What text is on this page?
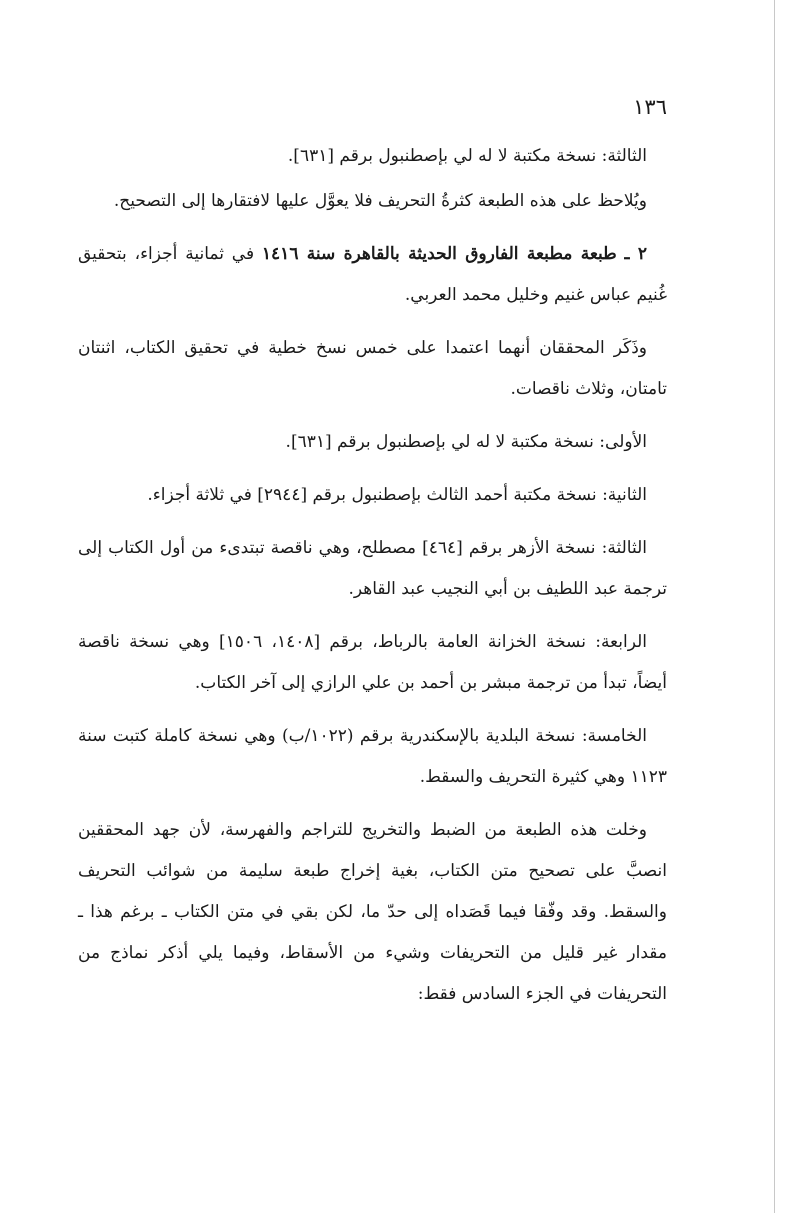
١٣٦

الثالثة: نسخة مكتبة لا له لي بإصطنبول برقم [٦٣١].

ويُلاحظ على هذه الطبعة كثرةُ التحريف فلا يعوَّل عليها لافتقارها إلى التصحيح.

٢ ـ طبعة مطبعة الفاروق الحديثة بالقاهرة سنة ١٤١٦ في ثمانية أجزاء، بتحقيق غُنيم عباس غنيم وخليل محمد العربي.

وذَكَر المحققان أنهما اعتمدا على خمس نسخ خطية في تحقيق الكتاب، اثنتان تامتان، وثلاث ناقصات.

الأولى: نسخة مكتبة لا له لي بإصطنبول برقم [٦٣١].

الثانية: نسخة مكتبة أحمد الثالث بإصطنبول برقم [٢٩٤٤] في ثلاثة أجزاء.

الثالثة: نسخة الأزهر برقم [٤٦٤] مصطلح، وهي ناقصة تبتدىء من أول الكتاب إلى ترجمة عبد اللطيف بن أبي النجيب عبد القاهر.

الرابعة: نسخة الخزانة العامة بالرباط، برقم [١٤٠٨، ١٥٠٦] وهي نسخة ناقصة أيضاً، تبدأ من ترجمة مبشر بن أحمد بن علي الرازي إلى آخر الكتاب.

الخامسة: نسخة البلدية بالإسكندرية برقم (١٠٢٢/ب) وهي نسخة كاملة كتبت سنة ١١٢٣ وهي كثيرة التحريف والسقط.

وخلت هذه الطبعة من الضبط والتخريج للتراجم والفهرسة، لأن جهد المحققين انصبَّ على تصحيح متن الكتاب، بغية إخراج طبعة سليمة من شوائب التحريف والسقط. وقد وفّقا فيما قَصَداه إلى حدّ ما، لكن بقي في متن الكتاب ـ برغم هذا ـ مقدار غير قليل من التحريفات وشيء من الأسقاط، وفيما يلي أذكر نماذج من التحريفات في الجزء السادس فقط:
